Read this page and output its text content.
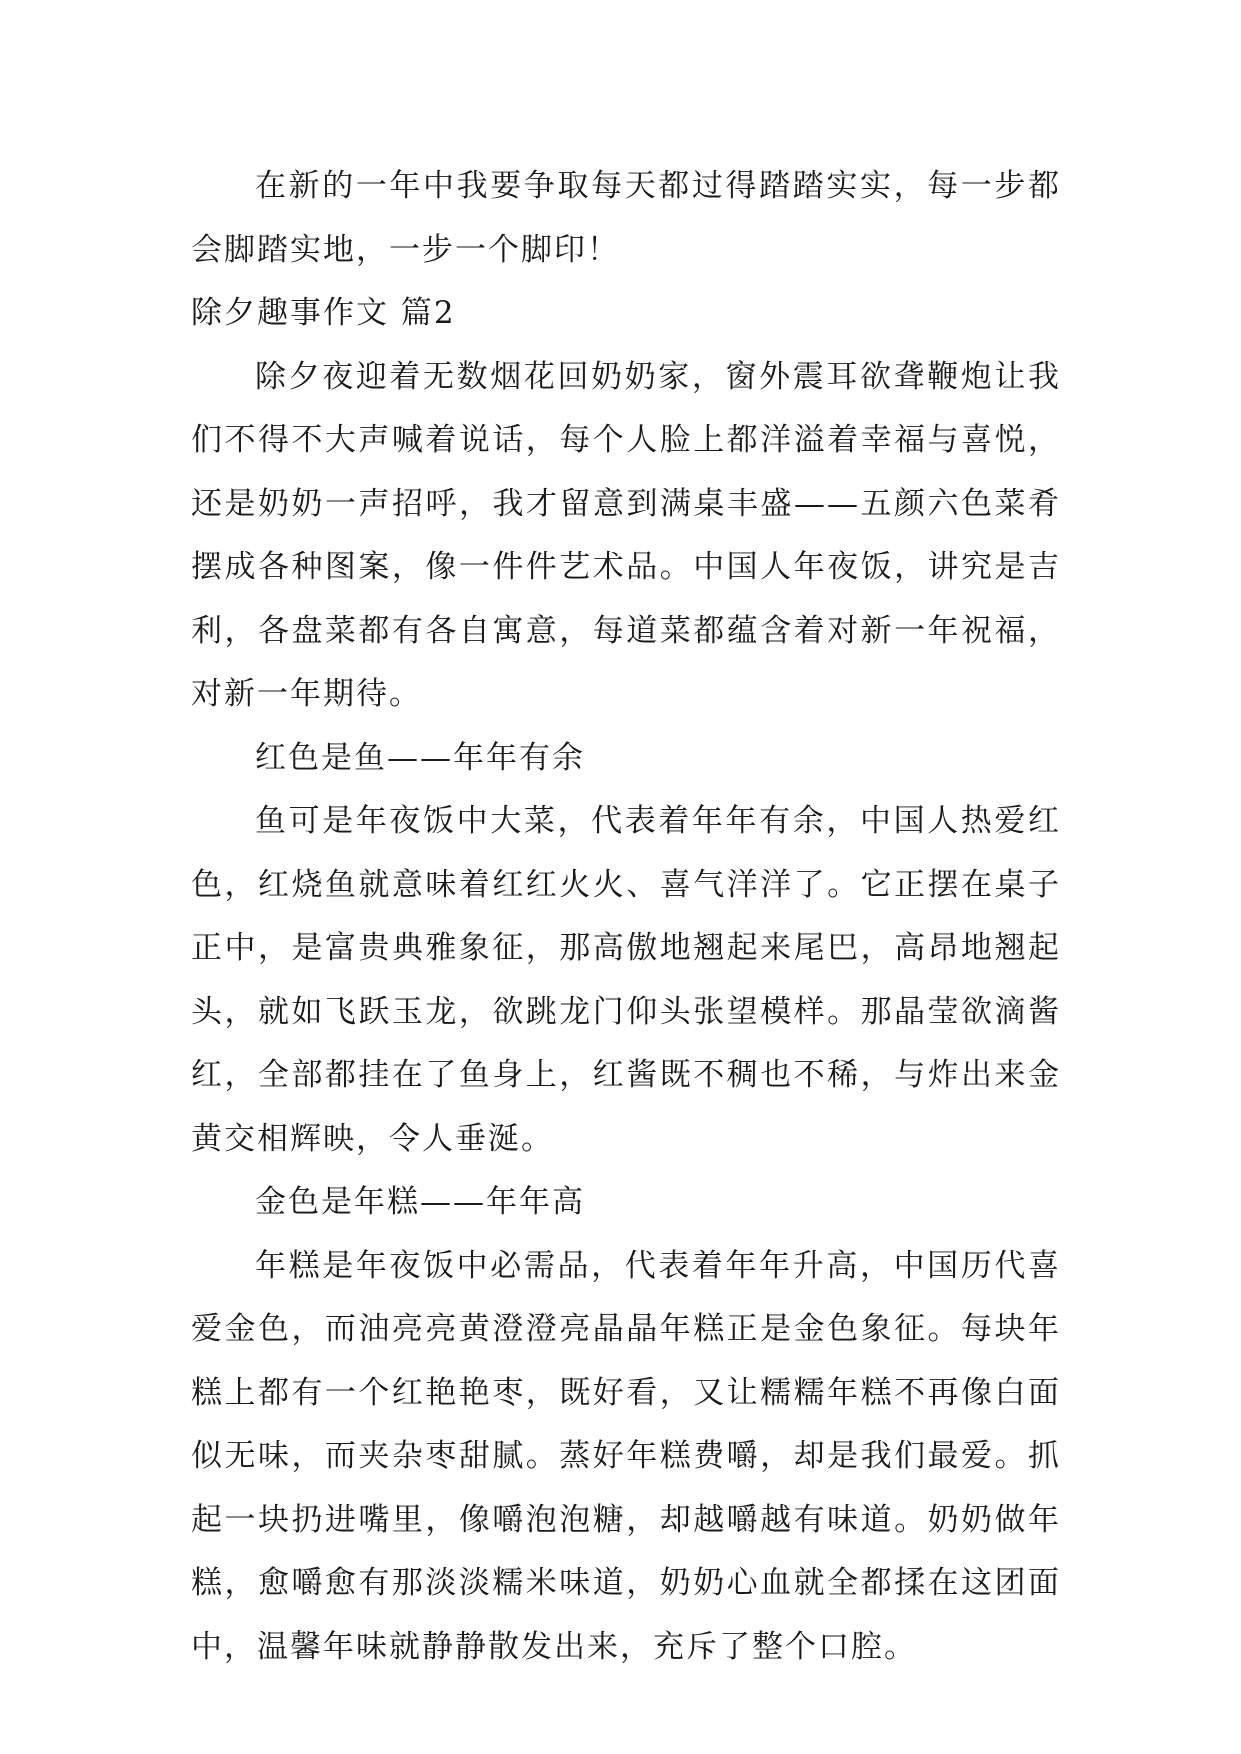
在新的一年中我要争取每天都过得踏踏实实，每一步都会脚踏实地，一步一个脚印！

除夕趣事作文 篇2

除夕夜迎着无数烟花回奶奶家，窗外震耳欲聋鞭炮让我们不得不大声喊着说话，每个人脸上都洋溢着幸福与喜悦，还是奶奶一声招呼，我才留意到满桌丰盛——五颜六色菜肴摆成各种图案，像一件件艺术品。中国人年夜饭，讲究是吉利，各盘菜都有各自寓意，每道菜都蕴含着对新一年祝福，对新一年期待。

红色是鱼——年年有余

鱼可是年夜饭中大菜，代表着年年有余，中国人热爱红色，红烧鱼就意味着红红火火、喜气洋洋了。它正摆在桌子正中，是富贵典雅象征，那高傲地翘起来尾巴，高昂地翘起头，就如飞跃玉龙，欲跳龙门仰头张望模样。那晶莹欲滴酱红，全部都挂在了鱼身上，红酱既不稠也不稀，与炸出来金黄交相辉映，令人垂涎。

金色是年糕——年年高

年糕是年夜饭中必需品，代表着年年升高，中国历代喜爱金色，而油亮亮黄澄澄亮晶晶年糕正是金色象征。每块年糕上都有一个红艳艳枣，既好看，又让糯糯年糕不再像白面似无味，而夹杂枣甜腻。蒸好年糕费嚼，却是我们最爱。抓起一块扔进嘴里，像嚼泡泡糖，却越嚼越有味道。奶奶做年糕，愈嚼愈有那淡淡糯米味道，奶奶心血就全都揉在这团面中，温馨年味就静静散发出来，充斥了整个口腔。
